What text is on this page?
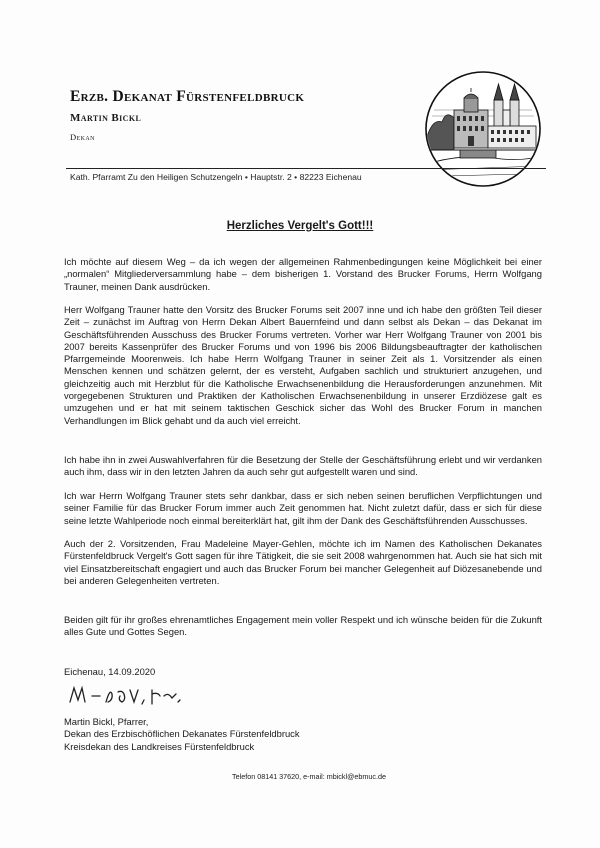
Erzb. Dekanat Fürstenfeldbruck
Martin Bickl
Dekan
Kath. Pfarramt Zu den Heiligen Schutzengeln • Hauptstr. 2 • 82223 Eichenau
Herzliches Vergelt's Gott!!!

Ich möchte auf diesem Weg – da ich wegen der allgemeinen Rahmenbedingungen keine Möglichkeit bei einer „normalen“ Mitgliederversammlung habe – dem bisherigen 1. Vorstand des Brucker Forums, Herrn Wolfgang Trauner, meinen Dank ausdrücken.

Herr Wolfgang Trauner hatte den Vorsitz des Brucker Forums seit 2007 inne und ich habe den größten Teil dieser Zeit – zunächst im Auftrag von Herrn Dekan Albert Bauernfeind und dann selbst als Dekan – das Dekanat im Geschäftsführenden Ausschuss des Brucker Forums vertreten. Vorher war Herr Wolfgang Trauner von 2001 bis 2007 bereits Kassenprüfer des Brucker Forums und von 1996 bis 2006 Bildungsbeauftragter der katholischen Pfarrgemeinde Moorenweis. Ich habe Herrn Wolfgang Trauner in seiner Zeit als 1. Vorsitzender als einen Menschen kennen und schätzen gelernt, der es versteht, Aufgaben sachlich und strukturiert anzugehen, und gleichzeitig auch mit Herzblut für die Katholische Erwachsenenbildung die Herausforderungen anzunehmen. Mit vorgegebenen Strukturen und Praktiken der Katholischen Erwachsenenbildung in unserer Erzdiözese galt es umzugehen und er hat mit seinem taktischen Geschick sicher das Wohl des Brucker Forum in manchen Verhandlungen im Blick gehabt und da auch viel erreicht.

Ich habe ihn in zwei Auswahlverfahren für die Besetzung der Stelle der Geschäftsführung erlebt und wir verdanken auch ihm, dass wir in den letzten Jahren da auch sehr gut aufgestellt waren und sind.

Ich war Herrn Wolfgang Trauner stets sehr dankbar, dass er sich neben seinen beruflichen Verpflichtungen und seiner Familie für das Brucker Forum immer auch Zeit genommen hat. Nicht zuletzt dafür, dass er sich für diese seine letzte Wahlperiode noch einmal bereiterklärt hat, gilt ihm der Dank des Geschäftsführenden Ausschusses.

Auch der 2. Vorsitzenden, Frau Madeleine Mayer-Gehlen, möchte ich im Namen des Katholischen Dekanates Fürstenfeldbruck Vergelt's Gott sagen für ihre Tätigkeit, die sie seit 2008 wahrgenommen hat. Auch sie hat sich mit viel Einsatzbereitschaft engagiert und auch das Brucker Forum bei mancher Gelegenheit auf Diözesanebende und bei anderen Gelegenheiten vertreten.

Beiden gilt für ihr großes ehrenamtliches Engagement mein voller Respekt und ich wünsche beiden für die Zukunft alles Gute und Gottes Segen.

Eichenau, 14.09.2020
Martin Bickl, Pfarrer,
Dekan des Erzbischöflichen Dekanates Fürstenfeldbruck
Kreisdekan des Landkreises Fürstenfeldbruck
Telefon 08141 37620, e-mail: mbickl@ebmuc.de
